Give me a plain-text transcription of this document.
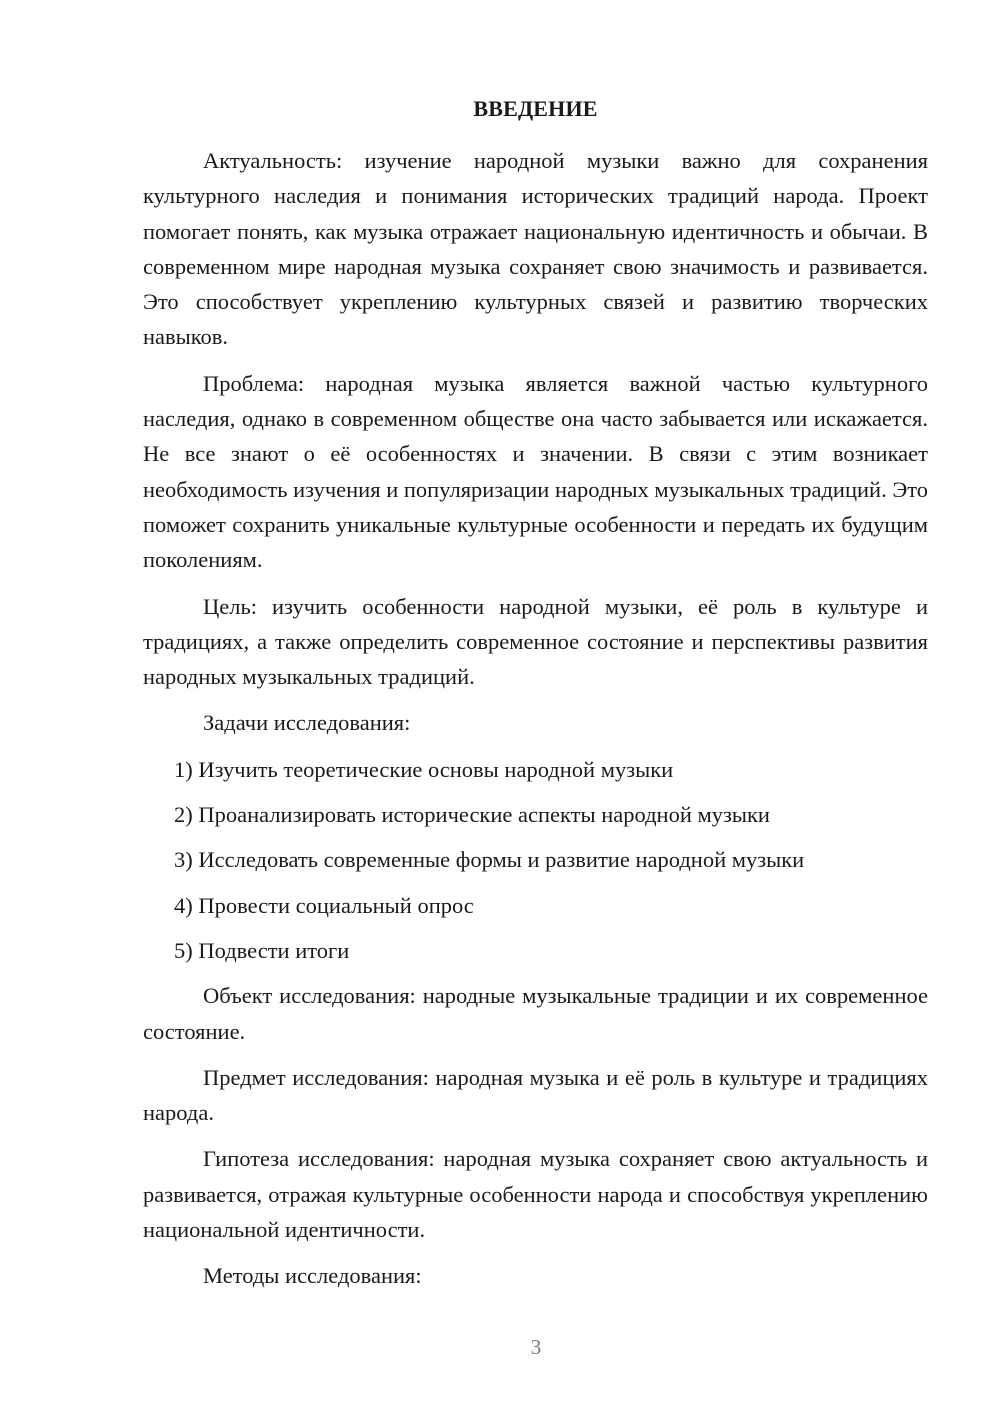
ВВЕДЕНИЕ

Актуальность: изучение народной музыки важно для сохранения культурного наследия и понимания исторических традиций народа. Проект помогает понять, как музыка отражает национальную идентичность и обычаи. В современном мире народная музыка сохраняет свою значимость и развивается. Это способствует укреплению культурных связей и развитию творческих навыков.

Проблема: народная музыка является важной частью культурного наследия, однако в современном обществе она часто забывается или искажается. Не все знают о её особенностях и значении. В связи с этим возникает необходимость изучения и популяризации народных музыкальных традиций. Это поможет сохранить уникальные культурные особенности и передать их будущим поколениям.

Цель: изучить особенности народной музыки, её роль в культуре и традициях, а также определить современное состояние и перспективы развития народных музыкальных традиций.

Задачи исследования:

1) Изучить теоретические основы народной музыки

2) Проанализировать исторические аспекты народной музыки

3) Исследовать современные формы и развитие народной музыки

4) Провести социальный опрос

5) Подвести итоги

Объект исследования: народные музыкальные традиции и их современное состояние.

Предмет исследования: народная музыка и её роль в культуре и традициях народа.

Гипотеза исследования: народная музыка сохраняет свою актуальность и развивается, отражая культурные особенности народа и способствуя укреплению национальной идентичности.

Методы исследования:

3
